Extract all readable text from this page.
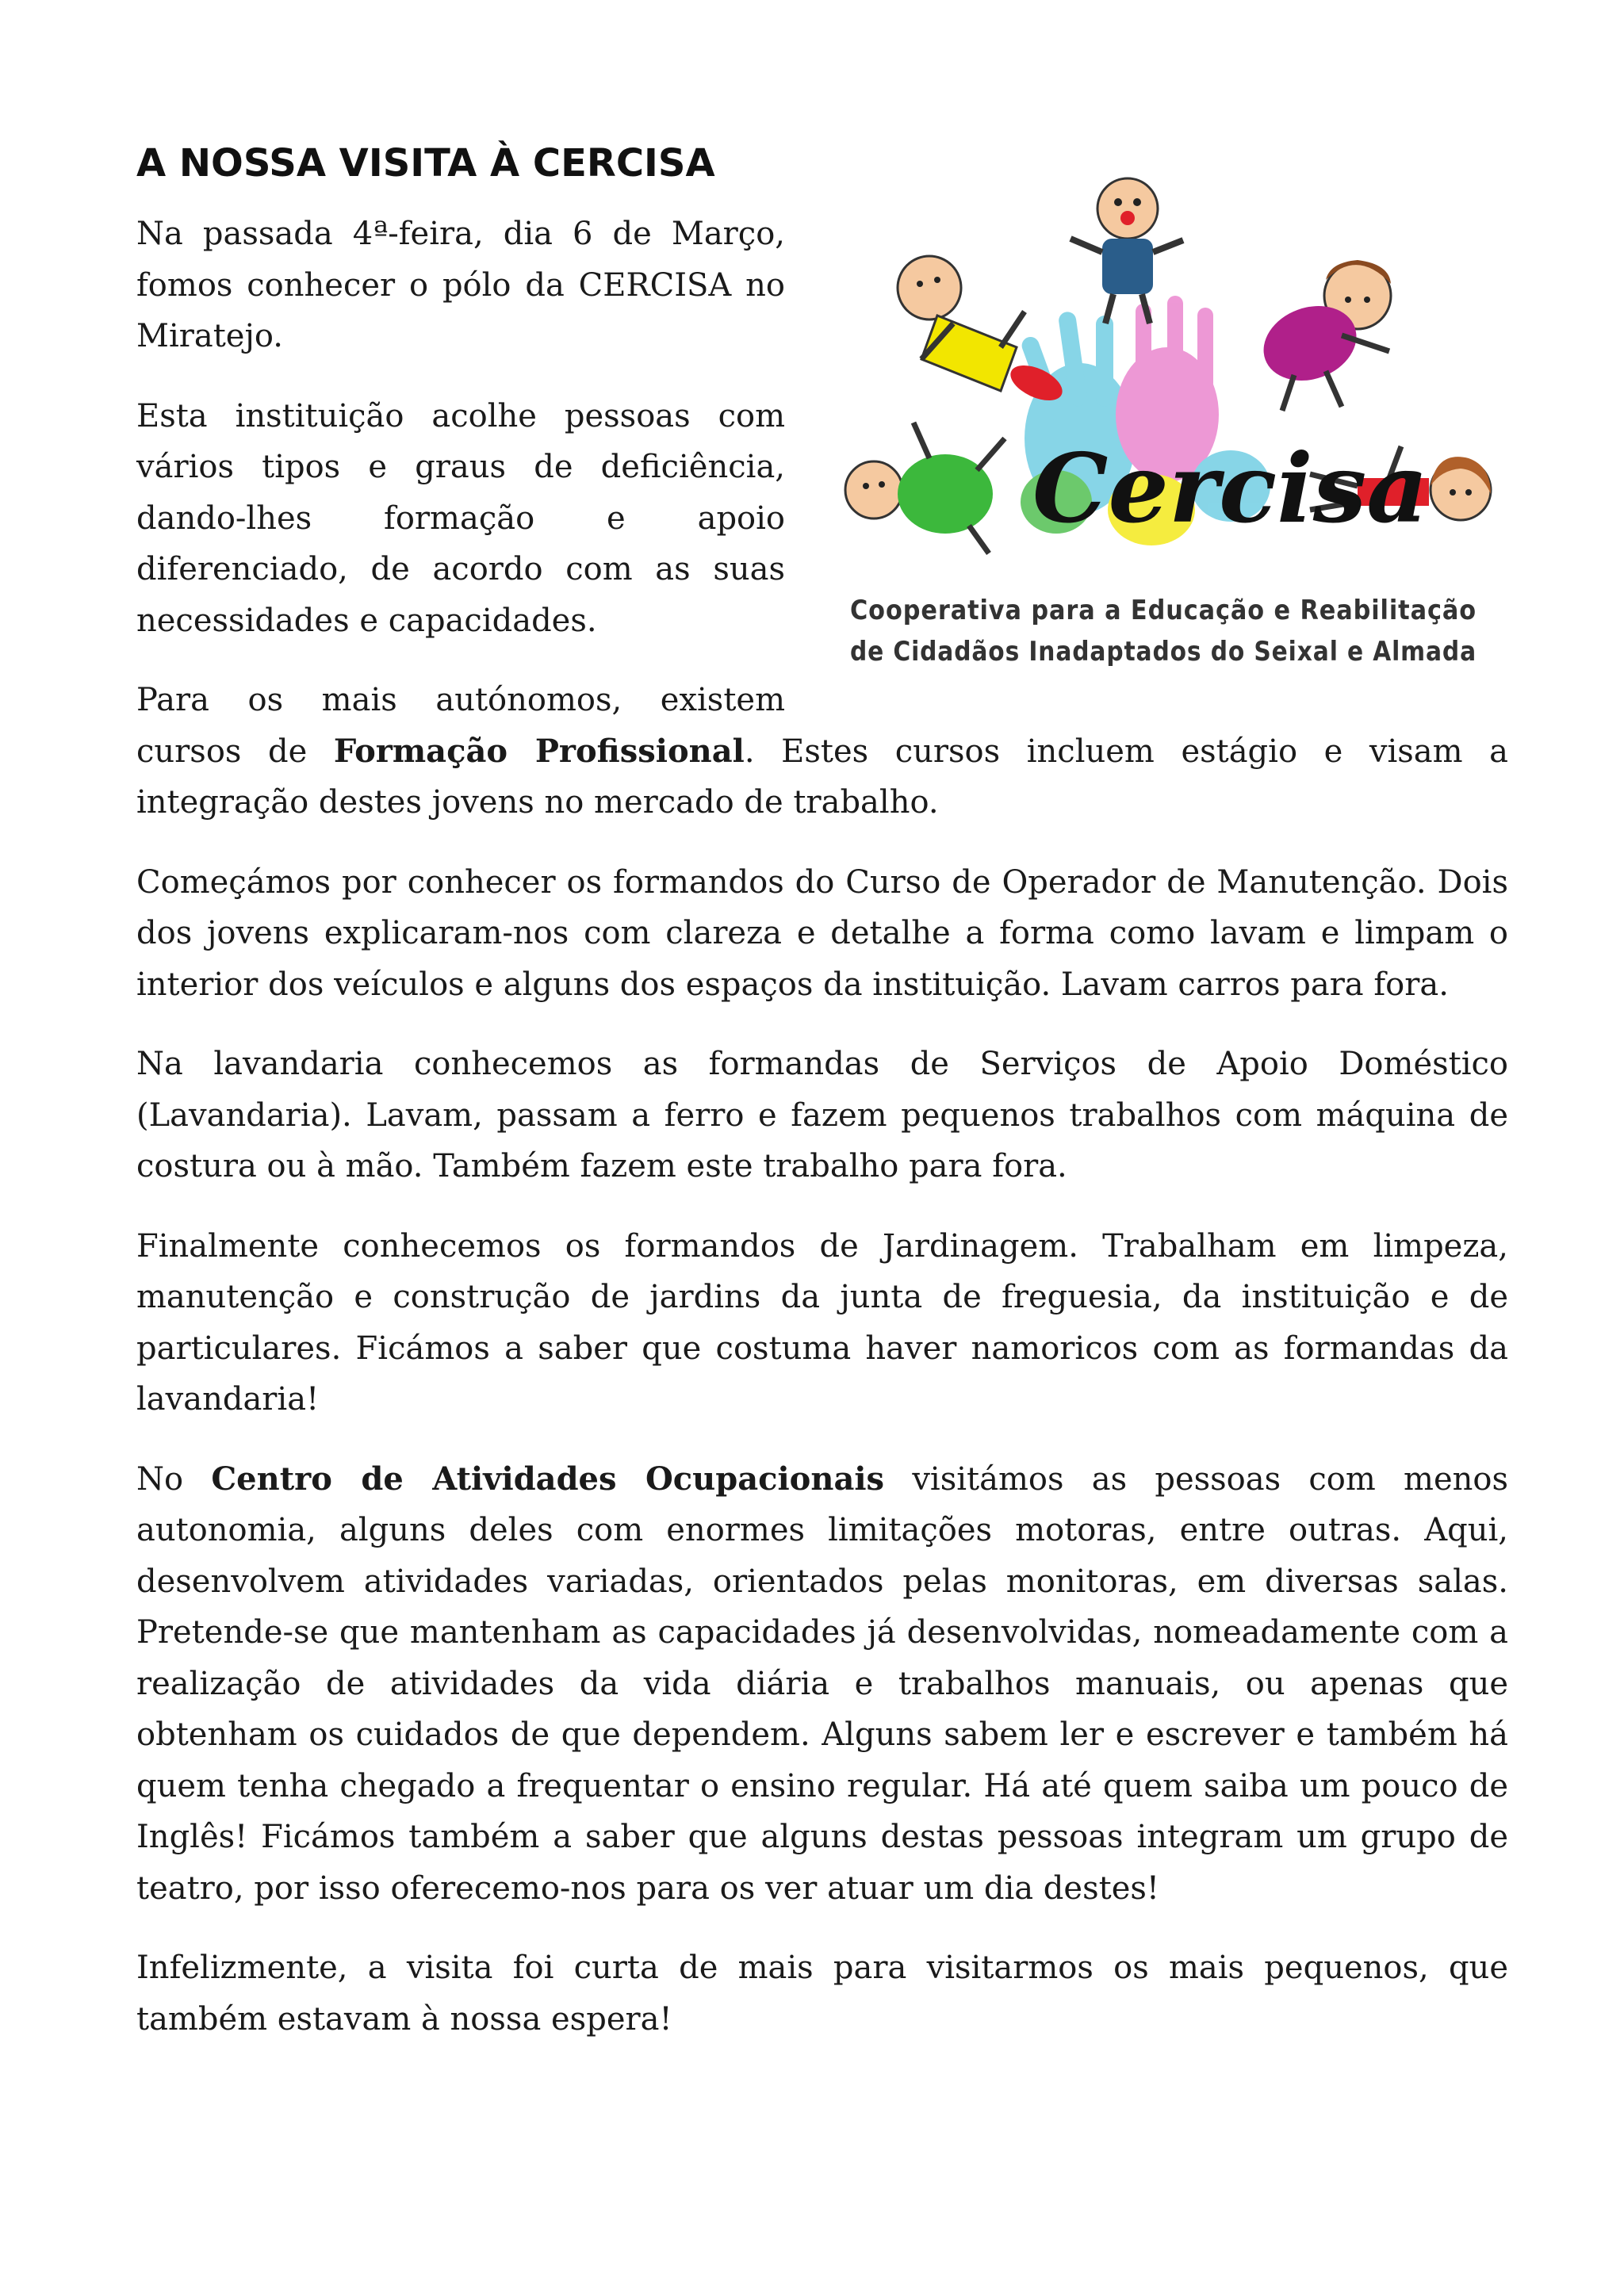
A NOSSA VISITA À CERCISA
Cercisa
Cooperativa para a Educação e Reabilitação
de Cidadãos Inadaptados do Seixal e Almada

Na passada 4ª-feira, dia 6 de Março, fomos conhecer o pólo da CERCISA no Miratejo.

Esta instituição acolhe pessoas com vários tipos e graus de deficiência, dando-lhes formação e apoio diferenciado, de acordo com as suas necessidades e capacidades.

Para os mais autónomos, existem cursos de Formação Profissional. Estes cursos incluem estágio e visam a integração destes jovens no mercado de trabalho.

Começámos por conhecer os formandos do Curso de Operador de Manutenção. Dois dos jovens explicaram-nos com clareza e detalhe a forma como lavam e limpam o interior dos veículos e alguns dos espaços da instituição. Lavam carros para fora.

Na lavandaria conhecemos as formandas de Serviços de Apoio Doméstico (Lavandaria). Lavam, passam a ferro e fazem pequenos trabalhos com máquina de costura ou à mão. Também fazem este trabalho para fora.

Finalmente conhecemos os formandos de Jardinagem. Trabalham em limpeza, manutenção e construção de jardins da junta de freguesia, da instituição e de particulares. Ficámos a saber que costuma haver namoricos com as formandas da lavandaria!

No Centro de Atividades Ocupacionais visitámos as pessoas com menos autonomia, alguns deles com enormes limitações motoras, entre outras. Aqui, desenvolvem atividades variadas, orientados pelas monitoras, em diversas salas. Pretende-se que mantenham as capacidades já desenvolvidas, nomeadamente com a realização de atividades da vida diária e trabalhos manuais, ou apenas que obtenham os cuidados de que dependem. Alguns sabem ler e escrever e também há quem tenha chegado a frequentar o ensino regular. Há até quem saiba um pouco de Inglês! Ficámos também a saber que alguns destas pessoas integram um grupo de teatro, por isso oferecemo-nos para os ver atuar um dia destes!

Infelizmente, a visita foi curta de mais para visitarmos os mais pequenos, que também estavam à nossa espera!
